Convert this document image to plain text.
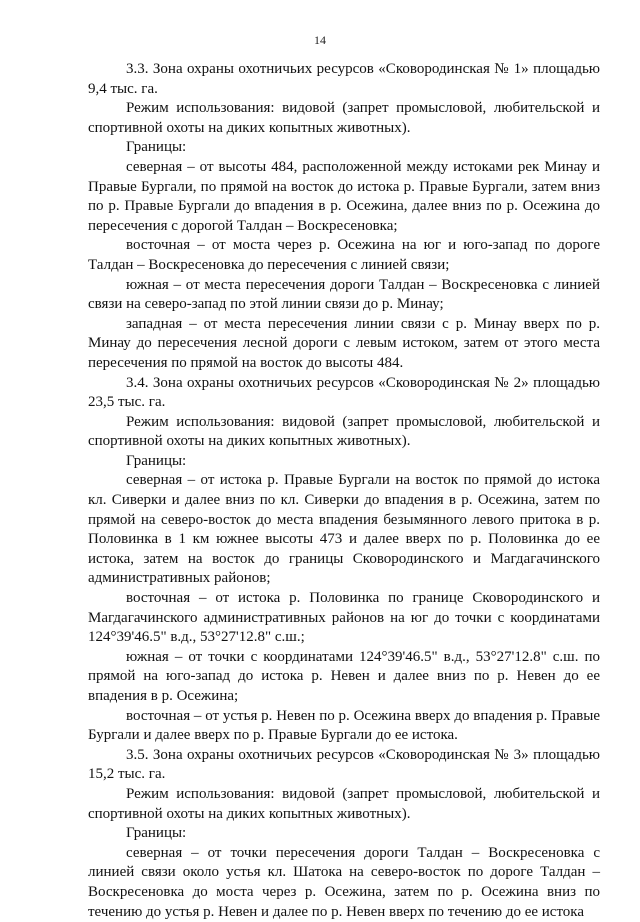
14

3.3. Зона охраны охотничьих ресурсов «Сковородинская № 1» площадью 9,4 тыс. га.

Режим использования: видовой (запрет промысловой, любительской и спортивной охоты на диких копытных животных).

Границы:

северная – от высоты 484, расположенной между истоками рек Минау и Правые Бургали, по прямой на восток до истока р. Правые Бургали, затем вниз по р. Правые Бургали до впадения в р. Осежина, далее вниз по р. Осежина до пересечения с дорогой Талдан – Воскресеновка;

восточная – от моста через р. Осежина на юг и юго-запад по дороге Талдан – Воскресеновка до пересечения с линией связи;

южная – от места пересечения дороги Талдан – Воскресеновка с линией связи на северо-запад по этой линии связи до р. Минау;

западная – от места пересечения линии связи с р. Минау вверх по р. Минау до пересечения лесной дороги с левым истоком, затем от этого места пересечения по прямой на восток до высоты 484.

3.4. Зона охраны охотничьих ресурсов «Сковородинская № 2» площадью 23,5 тыс. га.

Режим использования: видовой (запрет промысловой, любительской и спортивной охоты на диких копытных животных).

Границы:

северная – от истока р. Правые Бургали на восток по прямой до истока кл. Сиверки и далее вниз по кл. Сиверки до впадения в р. Осежина, затем по прямой на северо-восток до места впадения безымянного левого притока в р. Половинка в 1 км южнее высоты 473 и далее вверх по р. Половинка до ее истока, затем на восток до границы Сковородинского и Магдагачинского административных районов;

восточная – от истока р. Половинка по границе Сковородинского и Магдагачинского административных районов на юг до точки с координатами 124°39'46.5" в.д., 53°27'12.8" с.ш.;

южная – от точки с координатами 124°39'46.5" в.д., 53°27'12.8" с.ш. по прямой на юго-запад до истока р. Невен и далее вниз по р. Невен до ее впадения в р. Осежина;

восточная – от устья р. Невен по р. Осежина вверх до впадения р. Правые Бургали и далее вверх по р. Правые Бургали до ее истока.

3.5. Зона охраны охотничьих ресурсов «Сковородинская № 3» площадью 15,2 тыс. га.

Режим использования: видовой (запрет промысловой, любительской и спортивной охоты на диких копытных животных).

Границы:

северная – от точки пересечения дороги Талдан – Воскресеновка с линией связи около устья кл. Шатока на северо-восток по дороге Талдан – Воскресеновка до моста через р. Осежина, затем по р. Осежина вниз по течению до устья р. Невен и далее по р. Невен вверх по течению до ее истока
